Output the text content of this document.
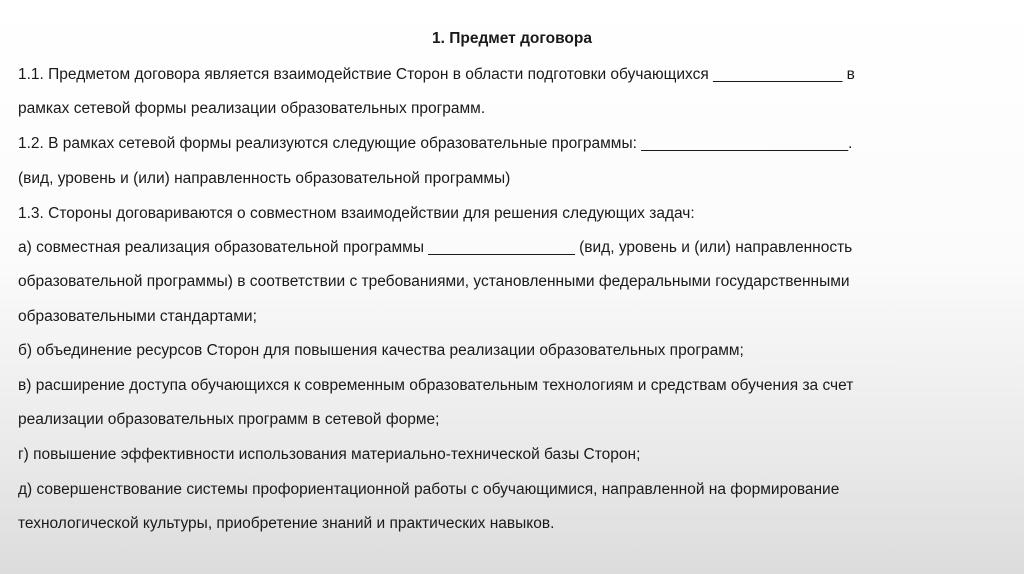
1. Предмет договора
1.1. Предметом договора является взаимодействие Сторон в области подготовки обучающихся _______________ в
рамках сетевой формы реализации образовательных программ.
1.2. В рамках сетевой формы реализуются следующие образовательные программы: ________________________.
(вид, уровень и (или) направленность образовательной программы)
1.3. Стороны договариваются о совместном взаимодействии для решения следующих задач:
а) совместная реализация образовательной программы _________________ (вид, уровень и (или) направленность
образовательной программы) в соответствии с требованиями, установленными федеральными государственными
образовательными стандартами;
б) объединение ресурсов Сторон для повышения качества реализации образовательных программ;
в) расширение доступа обучающихся к современным образовательным технологиям и средствам обучения за счет
реализации образовательных программ в сетевой форме;
г) повышение эффективности использования материально-технической базы Сторон;
д) совершенствование системы профориентационной работы с обучающимися, направленной на формирование
технологической культуры, приобретение знаний и практических навыков.
